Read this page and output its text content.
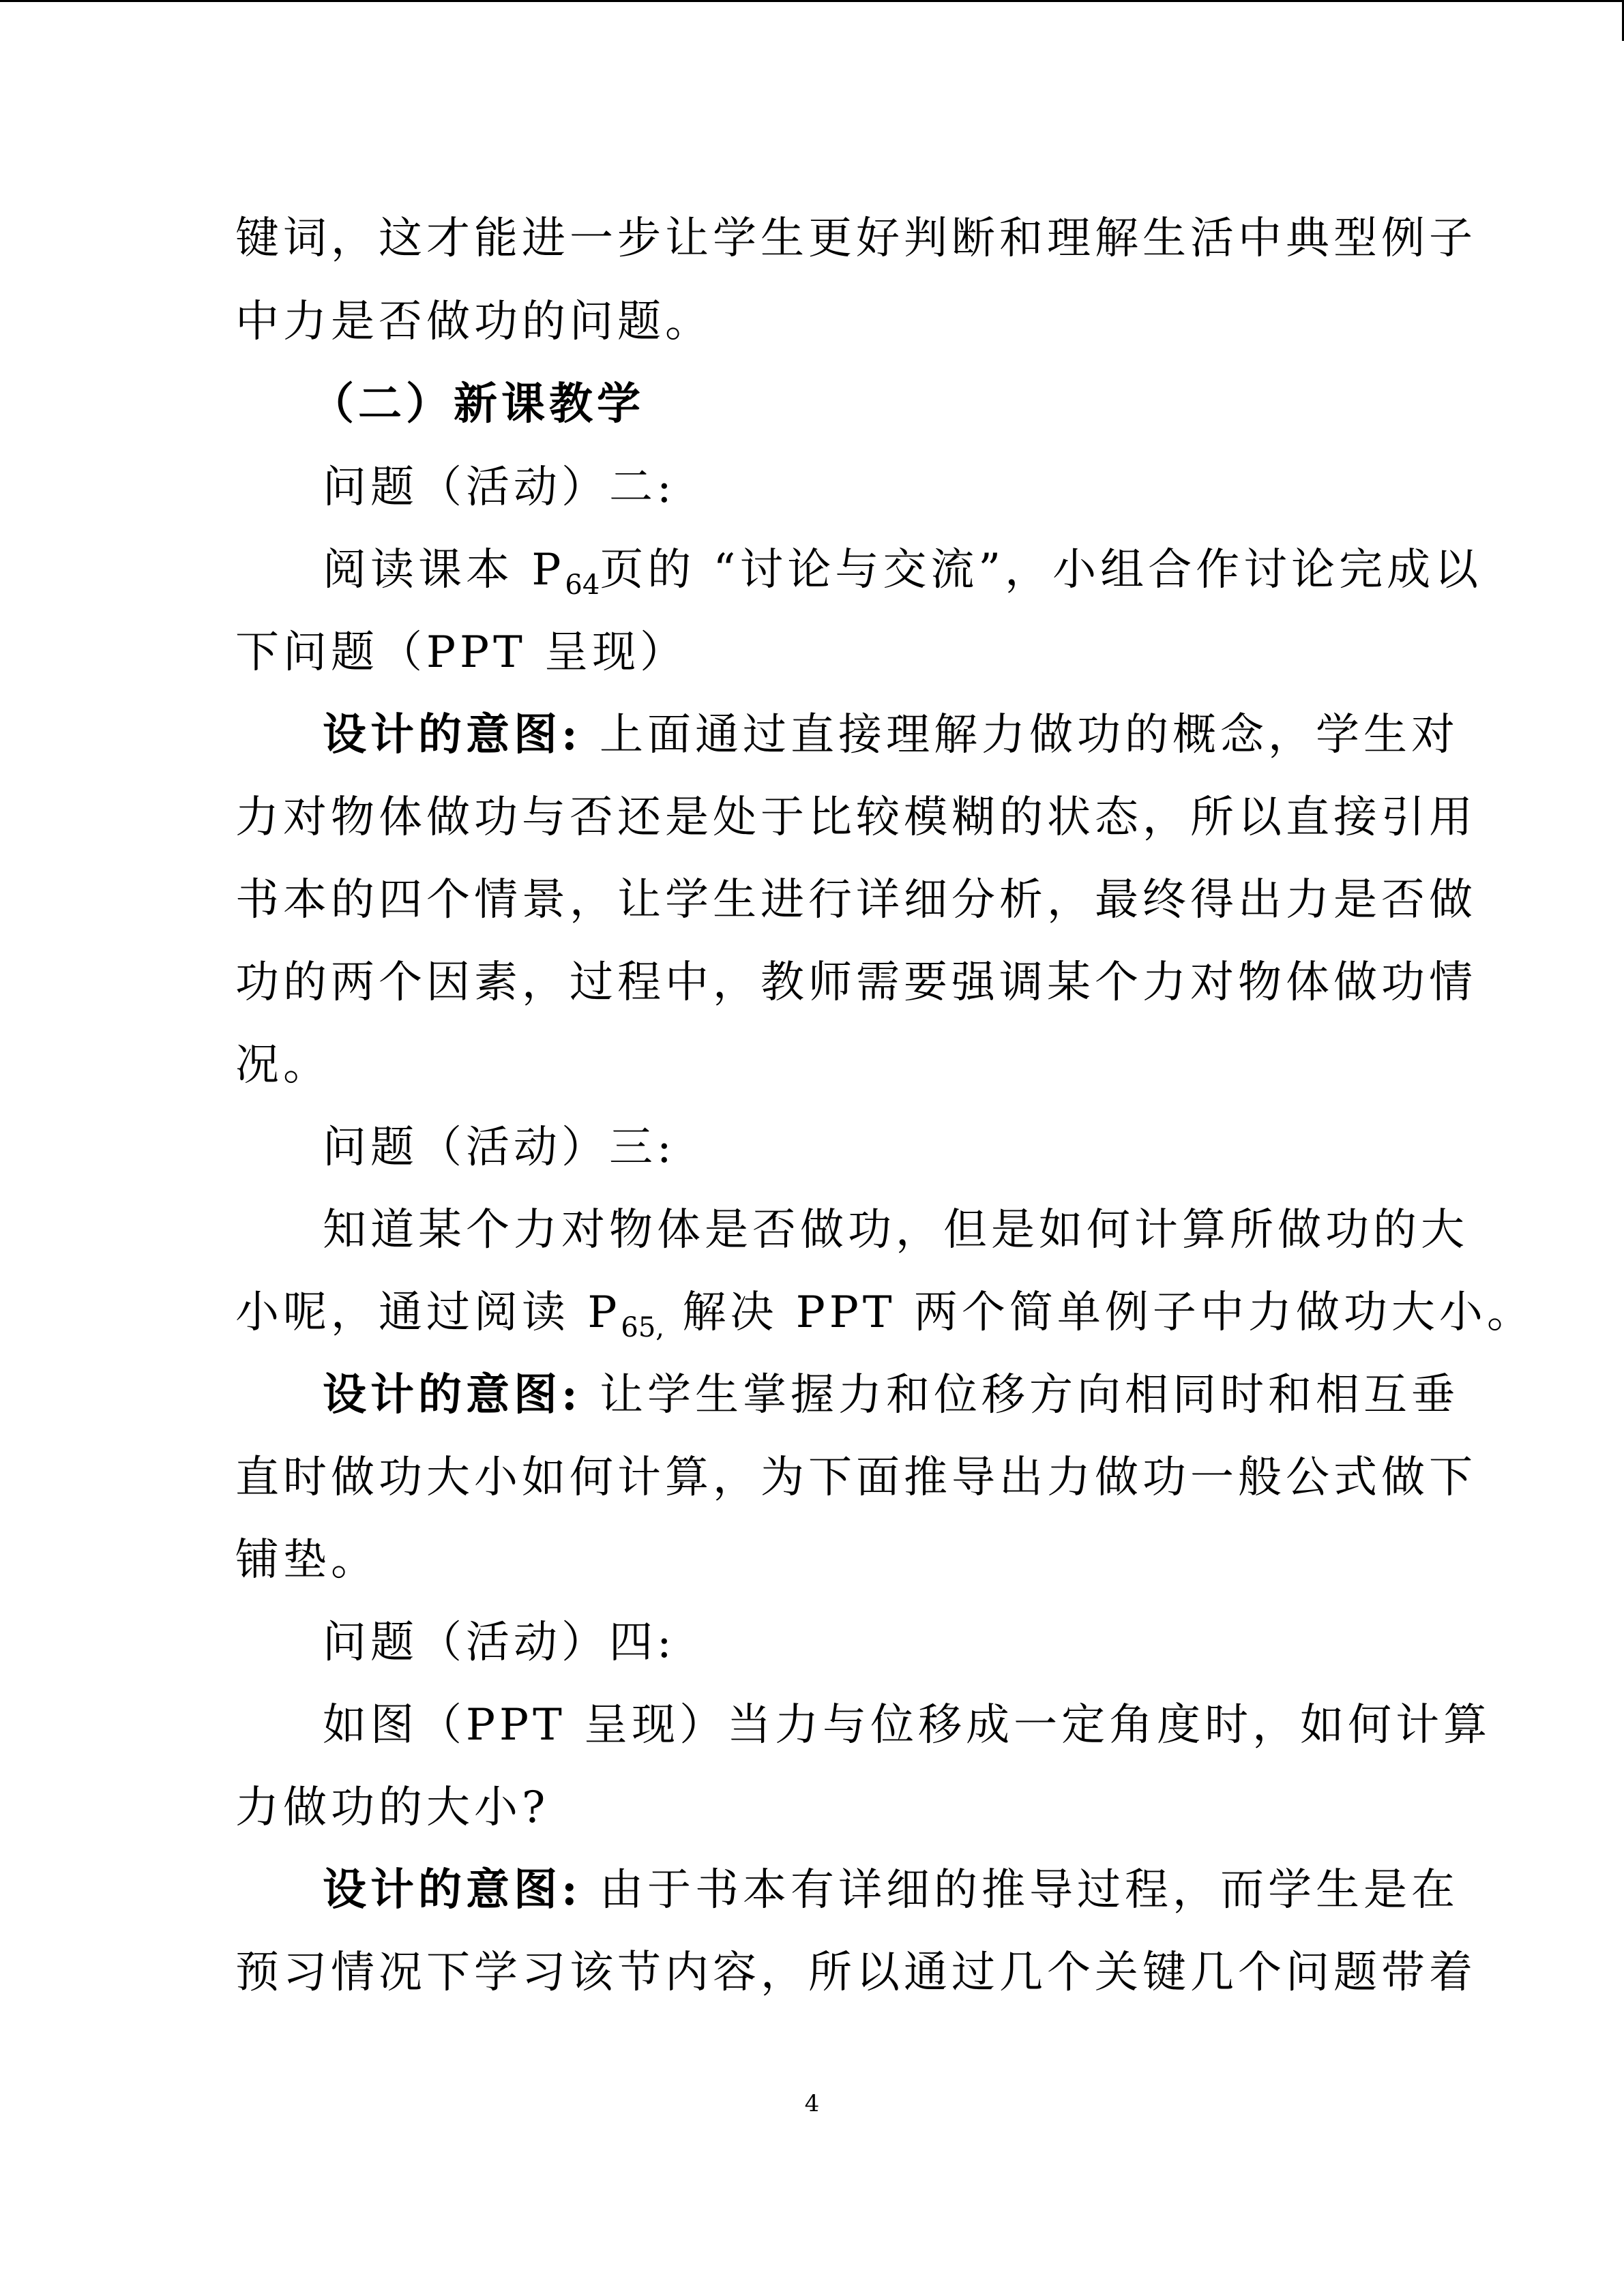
键词，这才能进一步让学生更好判断和理解生活中典型例子
中力是否做功的问题。
（二）新课教学
问题（活动）二:
阅读课本 $P_{64}$页的 “讨论与交流”，小组合作讨论完成以
下问题（PPT 呈现）
设计的意图: 上面通过直接理解力做功的概念，学生对
力对物体做功与否还是处于比较模糊的状态，所以直接引用
书本的四个情景，让学生进行详细分析，最终得出力是否做
功的两个因素，过程中，教师需要强调某个力对物体做功情
况。
问题（活动）三:
知道某个力对物体是否做功，但是如何计算所做功的大
小呢，通过阅读 $P_{65,}$ 解决 PPT 两个简单例子中力做功大小。
设计的意图: 让学生掌握力和位移方向相同时和相互垂
直时做功大小如何计算，为下面推导出力做功一般公式做下
铺垫。
问题（活动）四:
如图（PPT 呈现）当力与位移成一定角度时，如何计算
力做功的大小?
设计的意图: 由于书本有详细的推导过程，而学生是在
预习情况下学习该节内容，所以通过几个关键几个问题带着
4
